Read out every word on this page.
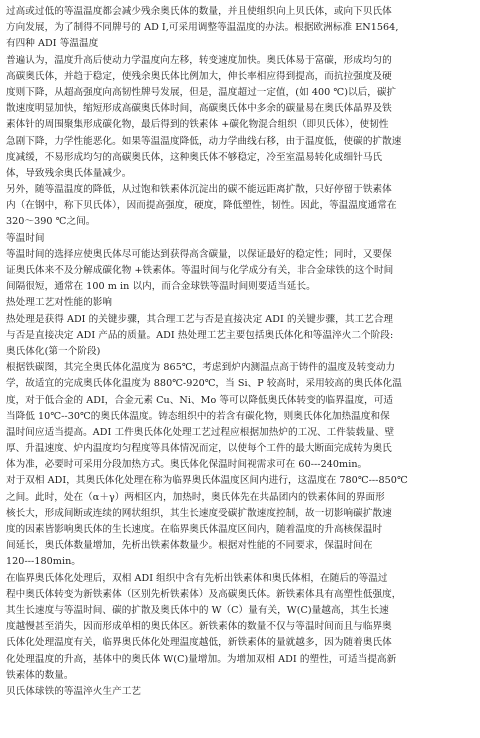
过高或过低的等温温度都会减少残余奥氏体的数量，并且使组织向上贝氏体，或向下贝氏体
方向发展，为了制得不同牌号的 AD I,可采用调整等温温度的办法。根据欧洲标准 EN1564,
有四种 ADI 等温温度
普遍认为，温度升高后使动力学温度向左移，转变速度加快。奥氏体易于富碳，形成均匀的
高碳奥氏体，并趋于稳定，使残余奥氏体比例加大，伸长率相应得到提高，而抗拉强度及硬
度则下降，从超高强度向高韧性牌号发展，但是，温度超过一定值，(如 400 ℃)以后，碳扩
散速度明显加快，缩短形成高碳奥氏体时间，高碳奥氏体中多余的碳量易在奥氏体晶界及铁
素体针的周围聚集形成碳化物，最后得到的铁素体 +碳化物混合组织（即贝氏体），使韧性
急剧下降，力学性能恶化。如果等温温度降低，动力学曲线右移，由于温度低，使碳的扩散速
度减缓，不易形成均匀的高碳奥氏体，这种奥氏体不够稳定，冷至室温易转化成细针马氏
体，导致残余奥氏体量减少。
另外，随等温温度的降低，从过饱和铁素体沉淀出的碳不能远距离扩散，只好停留于铁素体
内（在钢中，称下贝氏体），因而提高强度，硬度，降低塑性，韧性。因此，等温温度通常在
320～390 ℃之间。
等温时间
等温时间的选择应使奥氏体尽可能达到获得高含碳量，以保证最好的稳定性；同时，又要保
证奥氏体来不及分解成碳化物 +铁素体。等温时间与化学成分有关，非合金球铁的这个时间
间隔很短，通常在 100 m in 以内，而合金球铁等温时间则要适当延长。
热处理工艺对性能的影响
热处理是获得 ADI 的关键步骤，其合理工艺与否是直接决定 ADI 的关键步骤，其工艺合理
与否是直接决定 ADI 产品的质量。ADI 热处理工艺主要包括奥氏体化和等温淬火二个阶段:
奥氏体化(第一个阶段)
根据铁碳图，其完全奥氏体化温度为 865℃，考虑到炉内测温点高于铸件的温度及转变动力
学，故适宜的完成奥氏体化温度为 880℃-920℃，当 Si、P 较高时，采用较高的奥氏体化温
度，对于低合金的 ADI，合金元素 Cu、Ni、Mo 等可以降低奥氏体转变的临界温度，可适
当降低 10℃--30℃的奥氏体温度。铸态组织中的若含有碳化物，则奥氏体化加热温度和保
温时间应适当提高。ADI 工件奥氏体化处理工艺过程应根据加热炉的工况、工件装载量、壁
厚、升温速度、炉内温度均匀程度等具体情况而定，以使每个工件的最大断面完成转为奥氏
体为准，必要时可采用分段加热方式。奥氏体化保温时间视需求可在 60---240min。
对于双相 ADI，其奥氏体化处理在称为临界奥氏体温度区间内进行，这温度在 780℃---850℃
之间。此时，处在（α＋γ）两相区内，加热时，奥氏体先在共晶团内的铁素体间的界面形
核长大，形成间断或连续的网状组织，其生长速度受碳扩散速度控制，故一切影响碳扩散速
度的因素皆影响奥氏体的生长速度。在临界奥氏体温度区间内，随着温度的升高核保温时
间延长，奥氏体数量增加，先析出铁素体数量少。根据对性能的不同要求，保温时间在
120---180min。
在临界奥氏体化处理后，双相 ADI 组织中含有先析出铁素体和奥氏体相，在随后的等温过
程中奥氏体转变为新铁素体（区别先析铁素体）及高碳奥氏体。新铁素体具有高塑性低强度，
其生长速度与等温时间、碳的扩散及奥氏体中的 W（C）量有关，W(C)量越高，其生长速
度越慢甚至消失，因而形成单相的奥氏体区。新铁素体的数量不仅与等温时间而且与临界奥
氏体化处理温度有关，临界奥氏体化处理温度越低，新铁素体的量就越多，因为随着奥氏体
化处理温度的升高，基体中的奥氏体 W(C)量增加。为增加双相 ADI 的塑性，可适当提高新
铁素体的数量。
贝氏体球铁的等温淬火生产工艺
